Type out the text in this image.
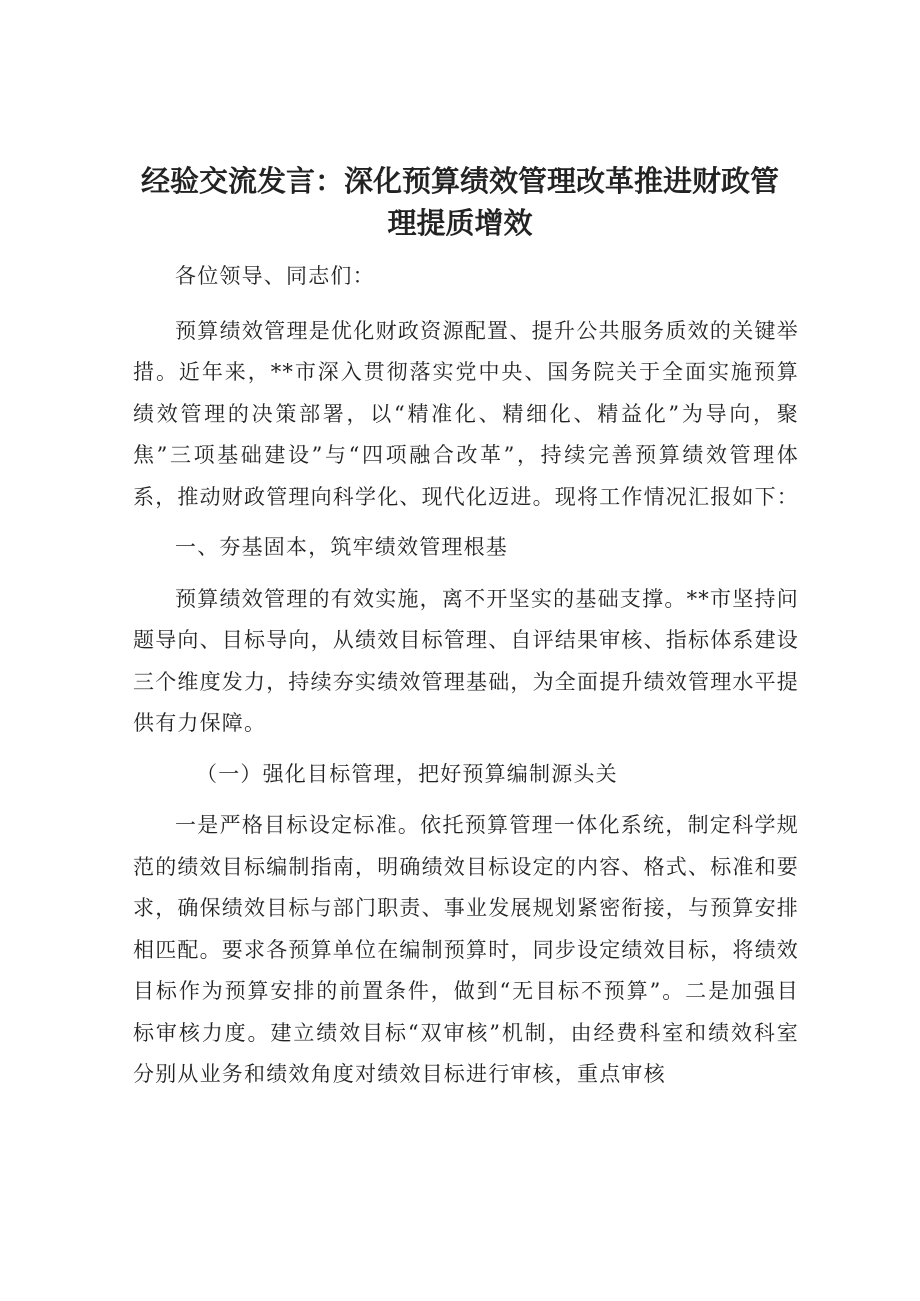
经验交流发言：深化预算绩效管理改革推进财政管理提质增效

各位领导、同志们：

预算绩效管理是优化财政资源配置、提升公共服务质效的关键举措。近年来，**市深入贯彻落实党中央、国务院关于全面实施预算绩效管理的决策部署，以“精准化、精细化、精益化”为导向，聚焦”三项基础建设”与“四项融合改革”，持续完善预算绩效管理体系，推动财政管理向科学化、现代化迈进。现将工作情况汇报如下：

一、夯基固本，筑牢绩效管理根基

预算绩效管理的有效实施，离不开坚实的基础支撑。**市坚持问题导向、目标导向，从绩效目标管理、自评结果审核、指标体系建设三个维度发力，持续夯实绩效管理基础，为全面提升绩效管理水平提供有力保障。

（一）强化目标管理，把好预算编制源头关

一是严格目标设定标准。依托预算管理一体化系统，制定科学规范的绩效目标编制指南，明确绩效目标设定的内容、格式、标准和要求，确保绩效目标与部门职责、事业发展规划紧密衔接，与预算安排相匹配。要求各预算单位在编制预算时，同步设定绩效目标，将绩效目标作为预算安排的前置条件，做到“无目标不预算”。二是加强目标审核力度。建立绩效目标“双审核”机制，由经费科室和绩效科室分别从业务和绩效角度对绩效目标进行审核，重点审核
